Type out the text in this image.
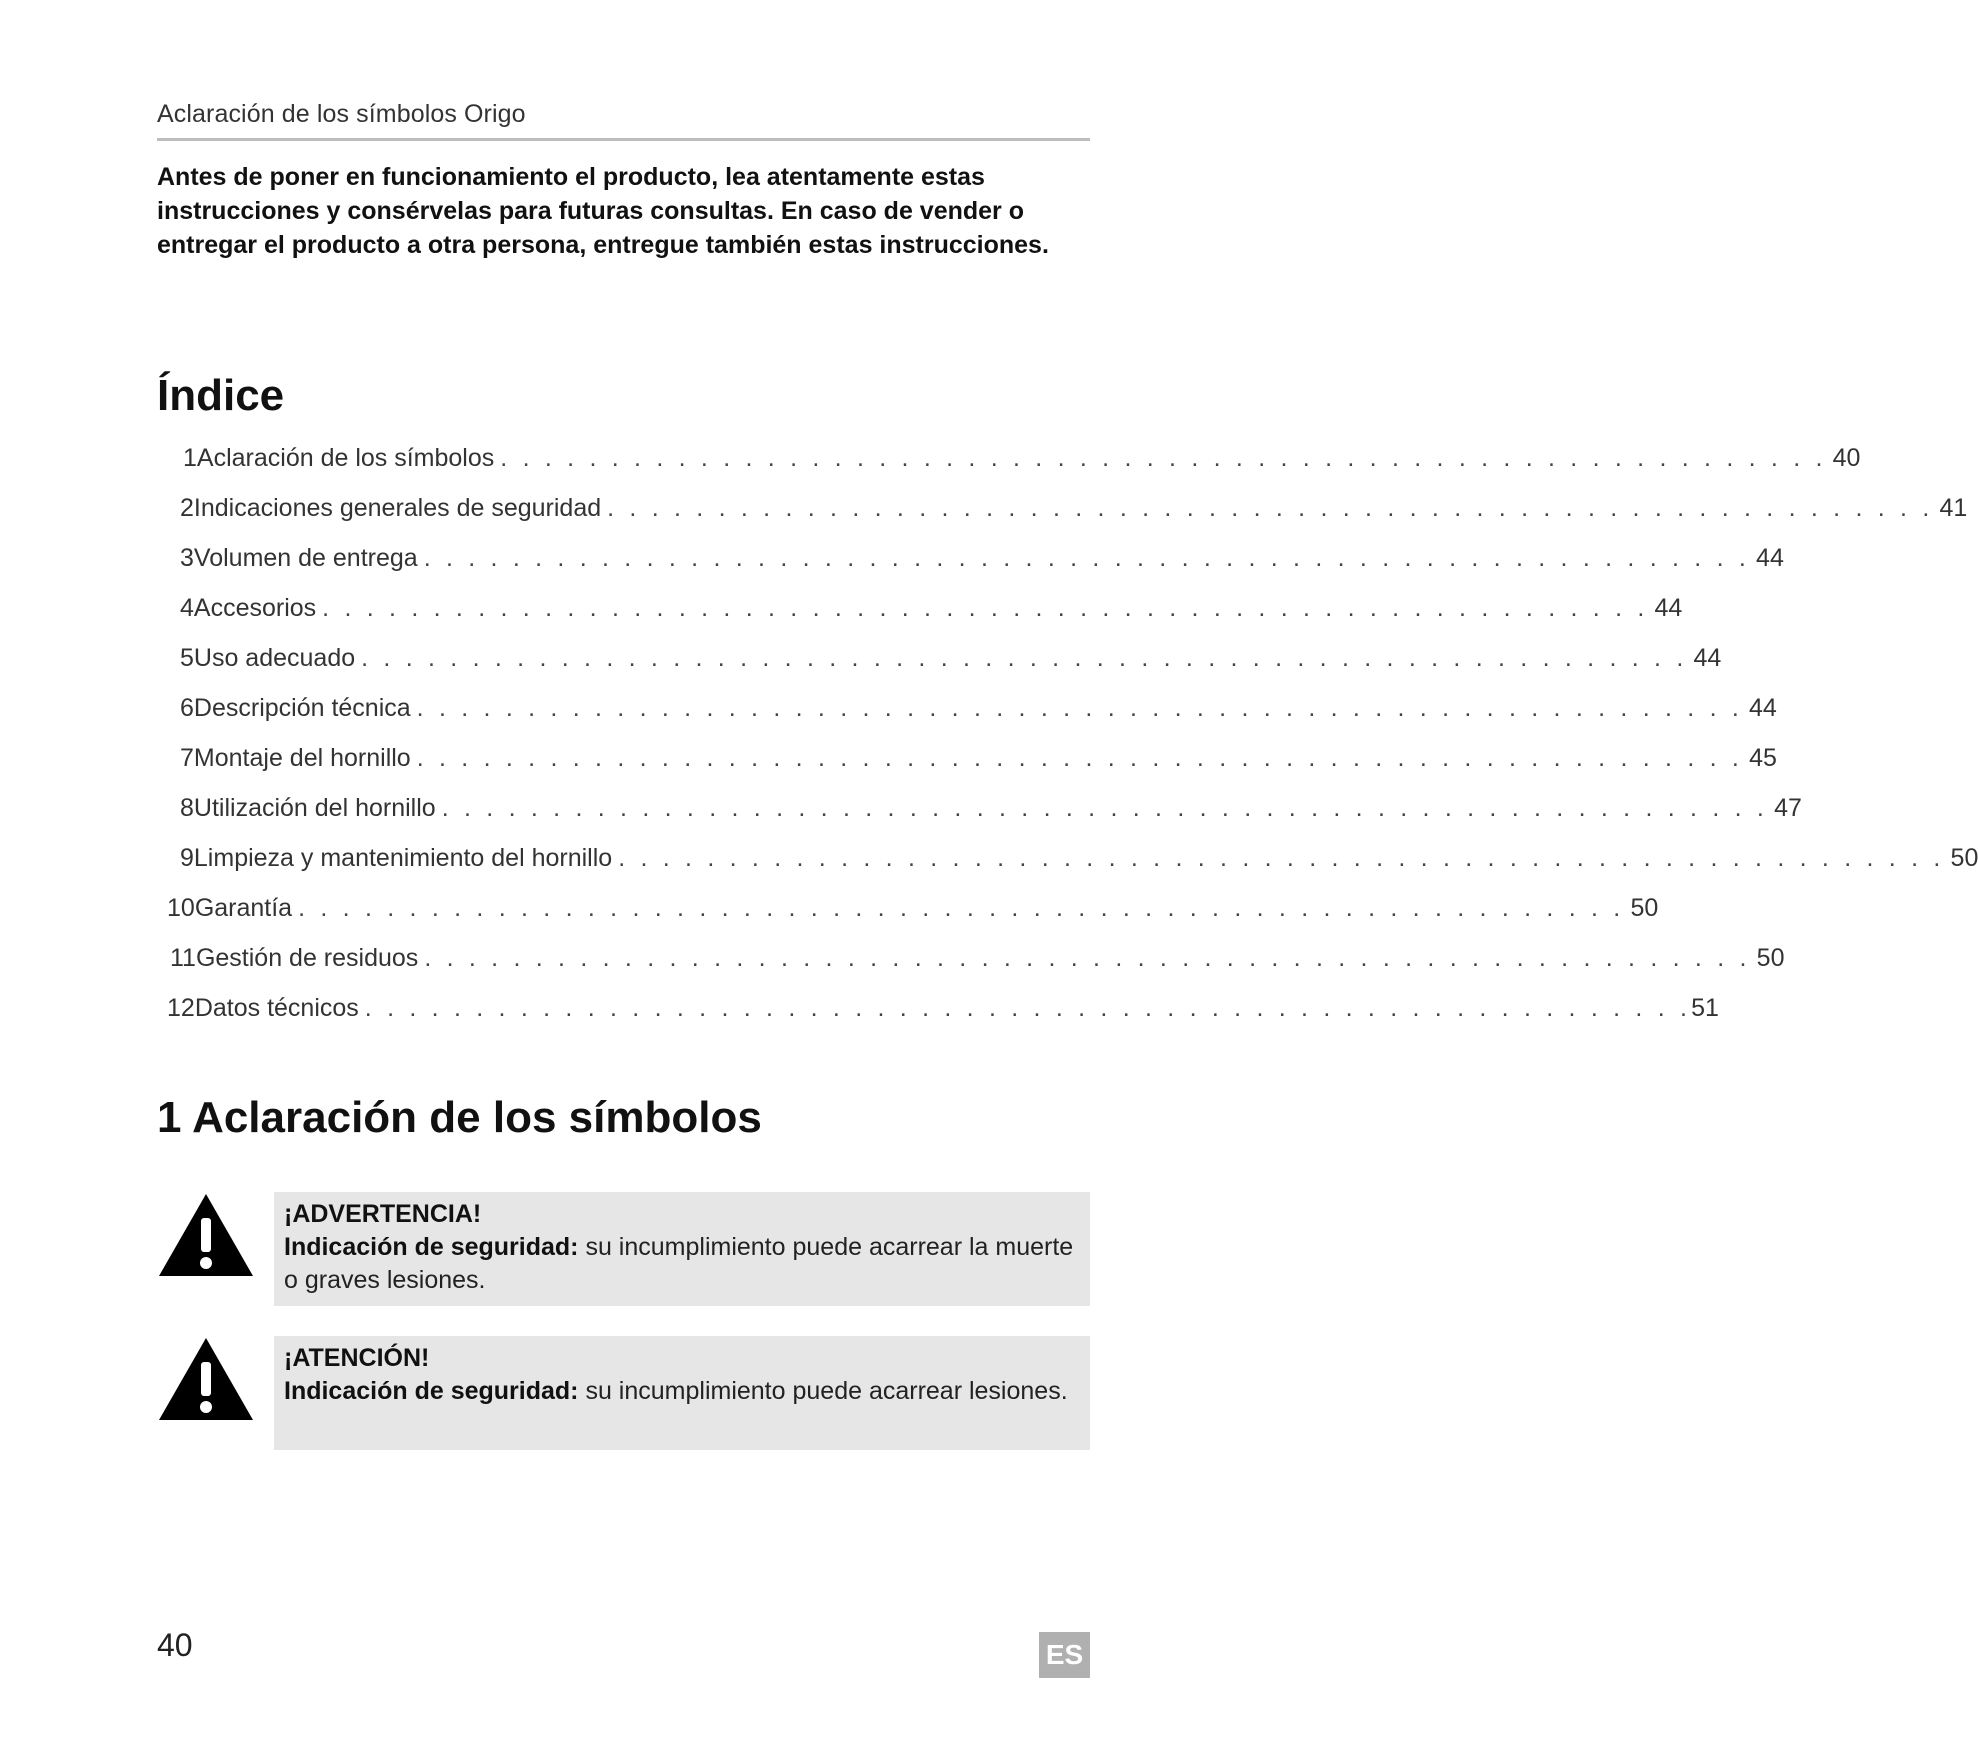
Aclaración de los símbolos Origo
Antes de poner en funcionamiento el producto, lea atentamente estas instrucciones y consérvelas para futuras consultas. En caso de vender o entregar el producto a otra persona, entregue también estas instrucciones.
Índice
1 Aclaración de los símbolos . . . . . . . . . . . . . . . . . . . . . . . . . . . . . . . . . . . . . . . . . . . . . . . . . . . . . . . . . . . . 40
2 Indicaciones generales de seguridad . . . . . . . . . . . . . . . . . . . . . . . . . . . . . . . . . . . . . . . . . . . . . . . . . . . . . . . . . . . . 41
3 Volumen de entrega . . . . . . . . . . . . . . . . . . . . . . . . . . . . . . . . . . . . . . . . . . . . . . . . . . . . . . . . . . . . 44
4 Accesorios . . . . . . . . . . . . . . . . . . . . . . . . . . . . . . . . . . . . . . . . . . . . . . . . . . . . . . . . . . . . 44
5 Uso adecuado . . . . . . . . . . . . . . . . . . . . . . . . . . . . . . . . . . . . . . . . . . . . . . . . . . . . . . . . . . . . 44
6 Descripción técnica . . . . . . . . . . . . . . . . . . . . . . . . . . . . . . . . . . . . . . . . . . . . . . . . . . . . . . . . . . . . 44
7 Montaje del hornillo . . . . . . . . . . . . . . . . . . . . . . . . . . . . . . . . . . . . . . . . . . . . . . . . . . . . . . . . . . . . 45
8 Utilización del hornillo . . . . . . . . . . . . . . . . . . . . . . . . . . . . . . . . . . . . . . . . . . . . . . . . . . . . . . . . . . . . 47
9 Limpieza y mantenimiento del hornillo . . . . . . . . . . . . . . . . . . . . . . . . . . . . . . . . . . . . . . . . . . . . . . . . . . . . . . . . . . . . 50
10 Garantía . . . . . . . . . . . . . . . . . . . . . . . . . . . . . . . . . . . . . . . . . . . . . . . . . . . . . . . . . . . . 50
11 Gestión de residuos . . . . . . . . . . . . . . . . . . . . . . . . . . . . . . . . . . . . . . . . . . . . . . . . . . . . . . . . . . . . 50
12 Datos técnicos . . . . . . . . . . . . . . . . . . . . . . . . . . . . . . . . . . . . . . . . . . . . . . . . . . . . . . . . . . . . 51
1 Aclaración de los símbolos
¡ADVERTENCIA!
Indicación de seguridad: su incumplimiento puede acarrear la muerte o graves lesiones.
¡ATENCIÓN!
Indicación de seguridad: su incumplimiento puede acarrear lesiones.
40	ES
